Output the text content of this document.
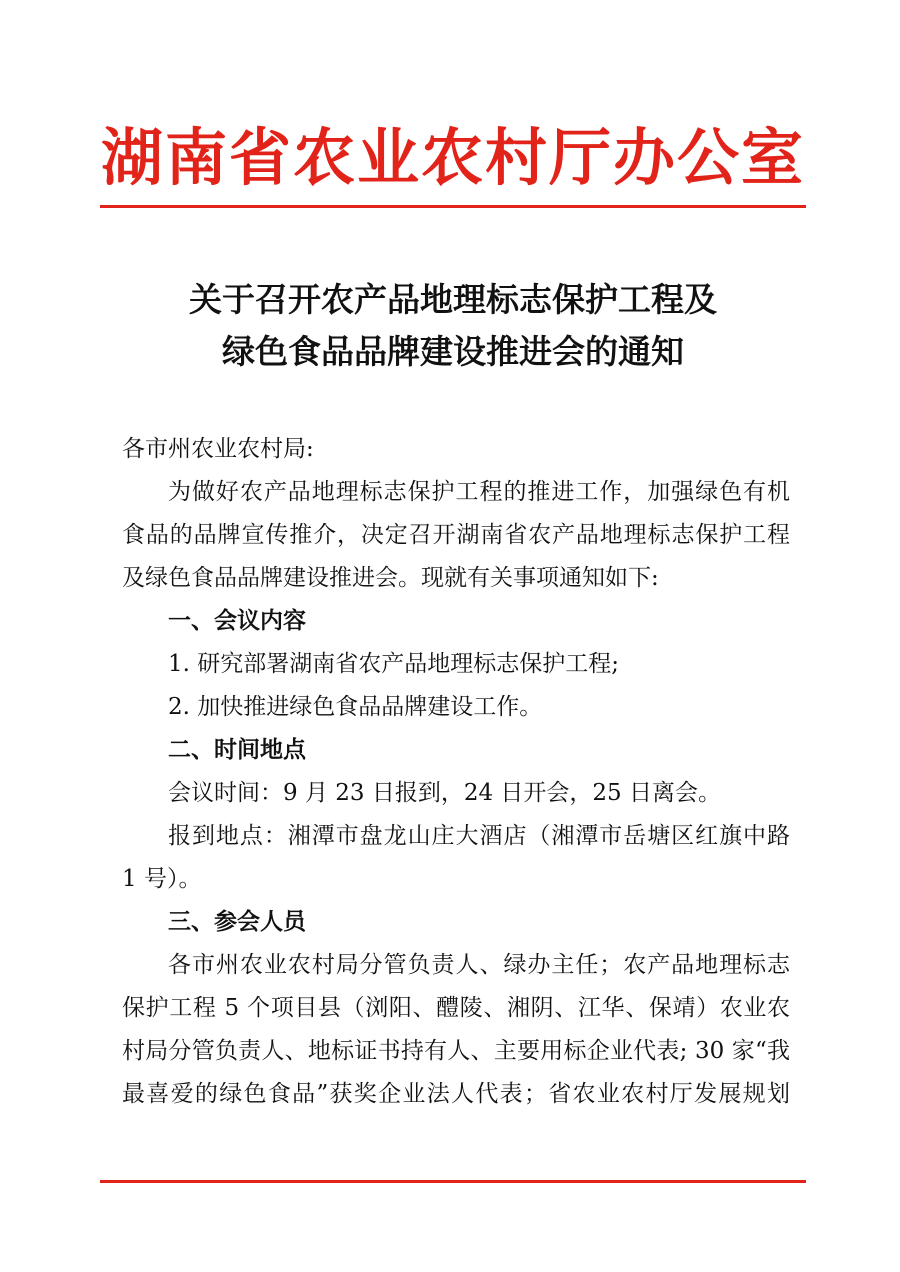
湖南省农业农村厅办公室
关于召开农产品地理标志保护工程及
绿色食品品牌建设推进会的通知
各市州农业农村局:
为做好农产品地理标志保护工程的推进工作，加强绿色有机
食品的品牌宣传推介，决定召开湖南省农产品地理标志保护工程
及绿色食品品牌建设推进会。现就有关事项通知如下:
一、会议内容
1. 研究部署湖南省农产品地理标志保护工程;
2. 加快推进绿色食品品牌建设工作。
二、时间地点
会议时间：9 月 23 日报到，24 日开会，25 日离会。
报到地点：湘潭市盘龙山庄大酒店（湘潭市岳塘区红旗中路
1 号）。
三、参会人员
各市州农业农村局分管负责人、绿办主任；农产品地理标志
保护工程 5 个项目县（浏阳、醴陵、湘阴、江华、保靖）农业农
村局分管负责人、地标证书持有人、主要用标企业代表; 30 家“我
最喜爱的绿色食品”获奖企业法人代表；省农业农村厅发展规划
